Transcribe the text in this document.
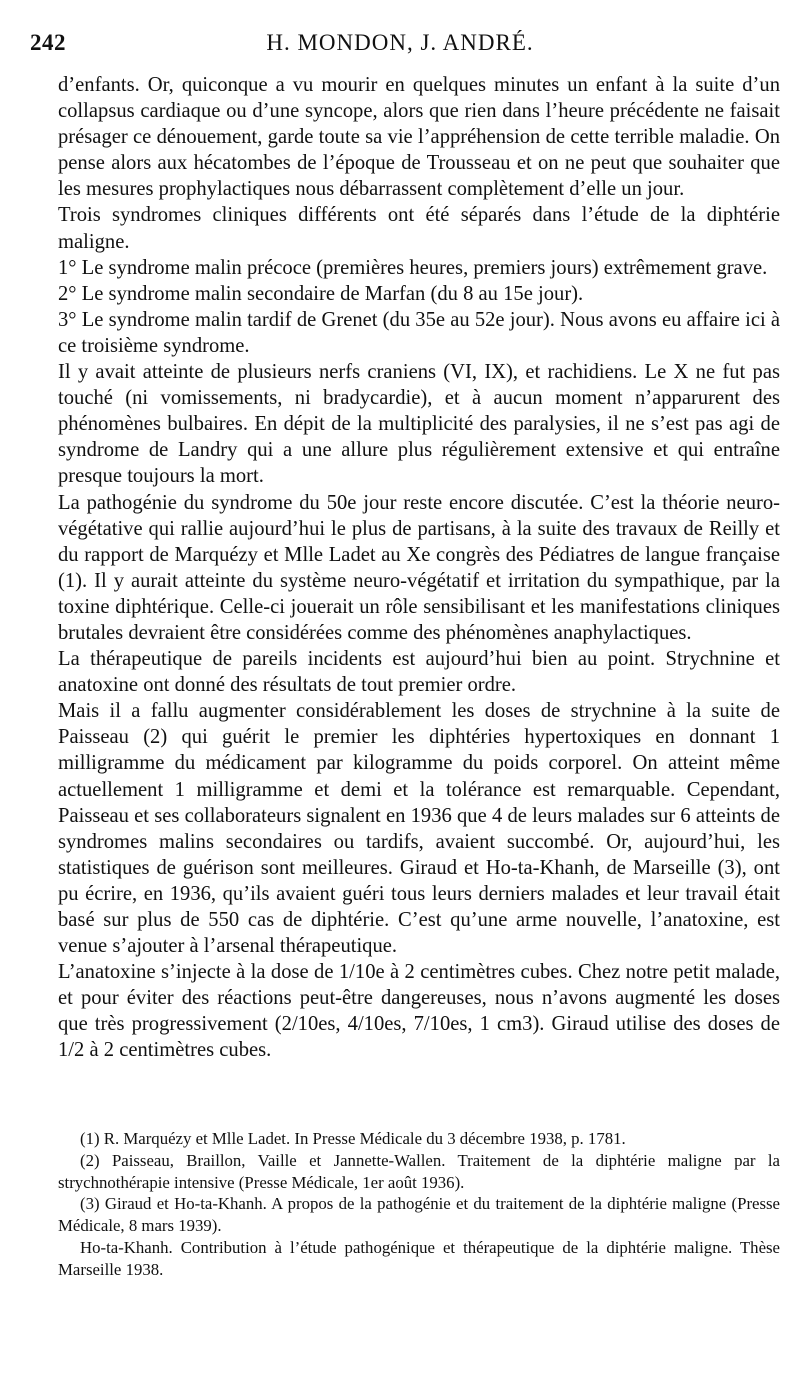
242	H. MONDON, J. ANDRÉ.

d’enfants. Or, quiconque a vu mourir en quelques minutes un enfant à la suite d’un collapsus cardiaque ou d’une syncope, alors que rien dans l’heure précédente ne faisait présager ce dénouement, garde toute sa vie l’appréhension de cette terrible maladie. On pense alors aux hécatombes de l’époque de Trousseau et on ne peut que souhaiter que les mesures prophylactiques nous débarrassent complètement d’elle un jour.

Trois syndromes cliniques différents ont été séparés dans l’étude de la diphtérie maligne.

1° Le syndrome malin précoce (premières heures, premiers jours) extrêmement grave.

2° Le syndrome malin secondaire de Marfan (du 8 au 15e jour).

3° Le syndrome malin tardif de Grenet (du 35e au 52e jour). Nous avons eu affaire ici à ce troisième syndrome.

Il y avait atteinte de plusieurs nerfs craniens (VI, IX), et rachidiens. Le X ne fut pas touché (ni vomissements, ni bradycardie), et à aucun moment n’apparurent des phénomènes bulbaires. En dépit de la multiplicité des paralysies, il ne s’est pas agi de syndrome de Landry qui a une allure plus régulièrement extensive et qui entraîne presque toujours la mort.

La pathogénie du syndrome du 50e jour reste encore discutée. C’est la théorie neuro-végétative qui rallie aujourd’hui le plus de partisans, à la suite des travaux de Reilly et du rapport de Marquézy et Mlle Ladet au Xe congrès des Pédiatres de langue française (1). Il y aurait atteinte du système neuro-végétatif et irritation du sympathique, par la toxine diphtérique. Celle-ci jouerait un rôle sensibilisant et les manifestations cliniques brutales devraient être considérées comme des phénomènes anaphylactiques.

La thérapeutique de pareils incidents est aujourd’hui bien au point. Strychnine et anatoxine ont donné des résultats de tout premier ordre.

Mais il a fallu augmenter considérablement les doses de strychnine à la suite de Paisseau (2) qui guérit le premier les diphtéries hypertoxiques en donnant 1 milligramme du médicament par kilogramme du poids corporel. On atteint même actuellement 1 milligramme et demi et la tolérance est remarquable. Cependant, Paisseau et ses collaborateurs signalent en 1936 que 4 de leurs malades sur 6 atteints de syndromes malins secondaires ou tardifs, avaient succombé. Or, aujourd’hui, les statistiques de guérison sont meilleures. Giraud et Ho-ta-Khanh, de Marseille (3), ont pu écrire, en 1936, qu’ils avaient guéri tous leurs derniers malades et leur travail était basé sur plus de 550 cas de diphtérie. C’est qu’une arme nouvelle, l’anatoxine, est venue s’ajouter à l’arsenal thérapeutique.

L’anatoxine s’injecte à la dose de 1/10e à 2 centimètres cubes. Chez notre petit malade, et pour éviter des réactions peut-être dangereuses, nous n’avons augmenté les doses que très progressivement (2/10es, 4/10es, 7/10es, 1 cm3). Giraud utilise des doses de 1/2 à 2 centimètres cubes.

(1) R. Marquézy et Mlle Ladet. In Presse Médicale du 3 décembre 1938, p. 1781.

(2) Paisseau, Braillon, Vaille et Jannette-Wallen. Traitement de la diphtérie maligne par la strychnothérapie intensive (Presse Médicale, 1er août 1936).

(3) Giraud et Ho-ta-Khanh. A propos de la pathogénie et du traitement de la diphtérie maligne (Presse Médicale, 8 mars 1939).

Ho-ta-Khanh. Contribution à l’étude pathogénique et thérapeutique de la diphtérie maligne. Thèse Marseille 1938.
